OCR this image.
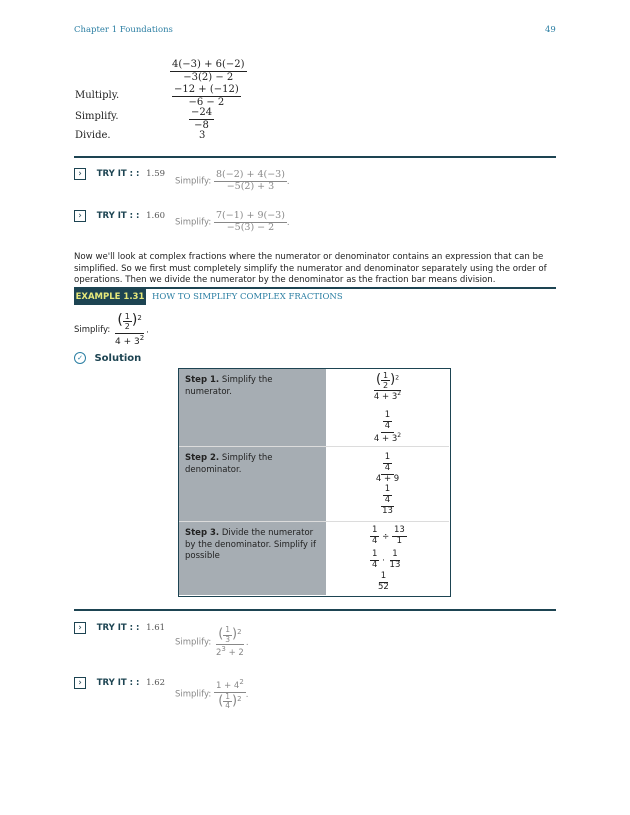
Chapter 1 Foundations	49
$\frac{4(-3) + 6(-2)}{-3(2) - 2}$
Multiply.	$\frac{-12 + (-12)}{-6 - 2}$
Simplify.	$\frac{-24}{-8}$
Divide.	3
› TRY IT : : 1.59
Simplify: $\frac{8(-2) + 4(-3)}{-5(2) + 3}$ .
› TRY IT : : 1.60
Simplify: $\frac{7(-1) + 9(-3)}{-5(3) - 2}$ .
Now we'll look at complex fractions where the numerator or denominator contains an expression that can be simplified. So we first must completely simplify the numerator and denominator separately using the order of operations. Then we divide the numerator by the denominator as the fraction bar means division.
EXAMPLE 1.31 HOW TO SIMPLIFY COMPLEX FRACTIONS
Simplify: $\frac{( \frac{1}{2} )^2}{4 + 3^2}$ .
✓ Solution
Step 1. Simplify the numerator.	$\frac{( \frac{1}{2} )^2}{4 + 3^2}$
$\frac{\frac{1}{4}}{4 + 3^2}$
Step 2. Simplify the denominator.	$\frac{\frac{1}{4}}{4 + 9}$
$\frac{\frac{1}{4}}{13}$
Step 3. Divide the numerator by the denominator. Simplify if possible
$\frac{1}{4} \div \frac{13}{1}$
$\frac{1}{4} \cdot \frac{1}{13}$
$\frac{1}{52}$
› TRY IT : : 1.61
Simplify: $\frac{( \frac{1}{3} )^2}{2^3 + 2}$ .
› TRY IT : : 1.62
Simplify: $\frac{1 + 4^2}{( \frac{1}{4} )^2}$ .
